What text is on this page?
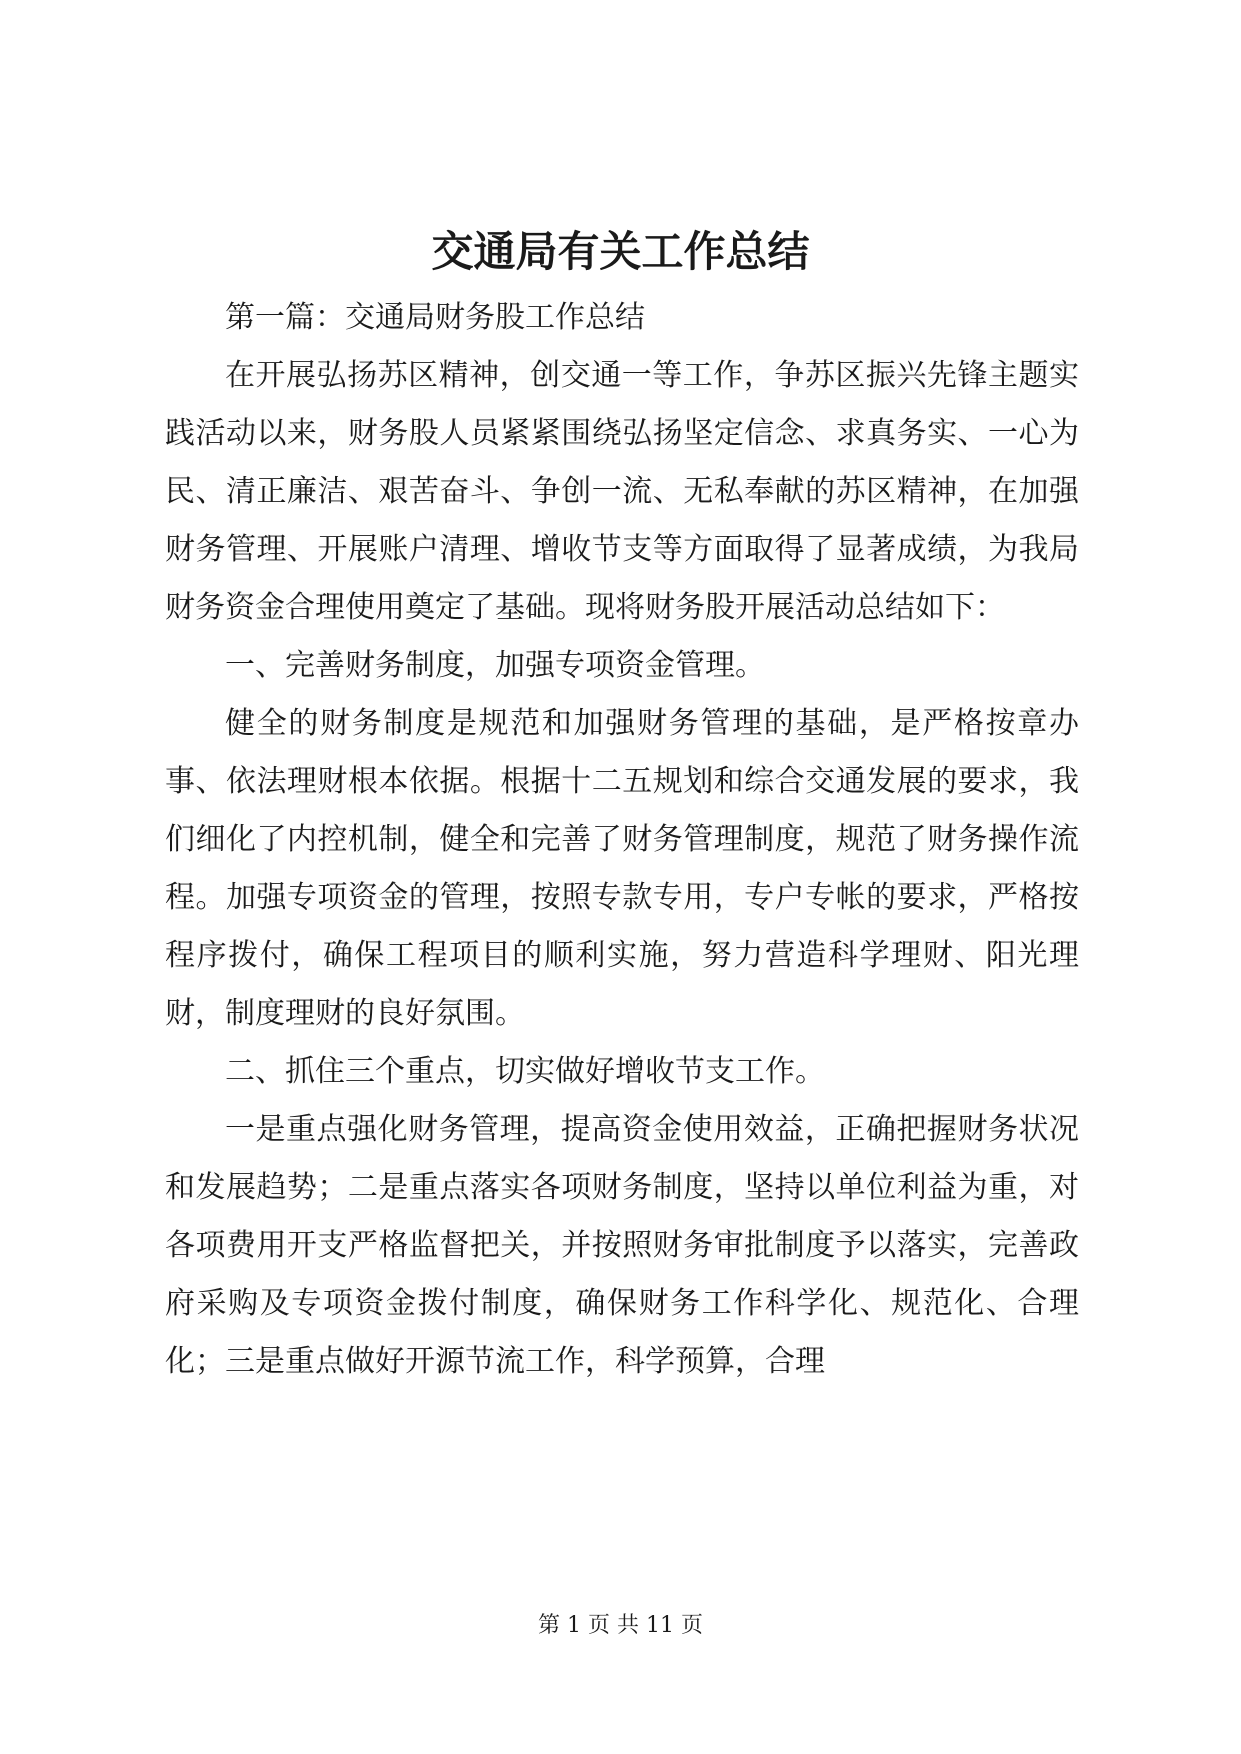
交通局有关工作总结

第一篇：交通局财务股工作总结

在开展弘扬苏区精神，创交通一等工作，争苏区振兴先锋主题实践活动以来，财务股人员紧紧围绕弘扬坚定信念、求真务实、一心为民、清正廉洁、艰苦奋斗、争创一流、无私奉献的苏区精神，在加强财务管理、开展账户清理、增收节支等方面取得了显著成绩，为我局财务资金合理使用奠定了基础。现将财务股开展活动总结如下：

一、完善财务制度，加强专项资金管理。

健全的财务制度是规范和加强财务管理的基础，是严格按章办事、依法理财根本依据。根据十二五规划和综合交通发展的要求，我们细化了内控机制，健全和完善了财务管理制度，规范了财务操作流程。加强专项资金的管理，按照专款专用，专户专帐的要求，严格按程序拨付，确保工程项目的顺利实施，努力营造科学理财、阳光理财，制度理财的良好氛围。

二、抓住三个重点，切实做好增收节支工作。

一是重点强化财务管理，提高资金使用效益，正确把握财务状况和发展趋势；二是重点落实各项财务制度，坚持以单位利益为重，对各项费用开支严格监督把关，并按照财务审批制度予以落实，完善政府采购及专项资金拨付制度，确保财务工作科学化、规范化、合理化；三是重点做好开源节流工作，科学预算，合理

第 1 页 共 11 页
